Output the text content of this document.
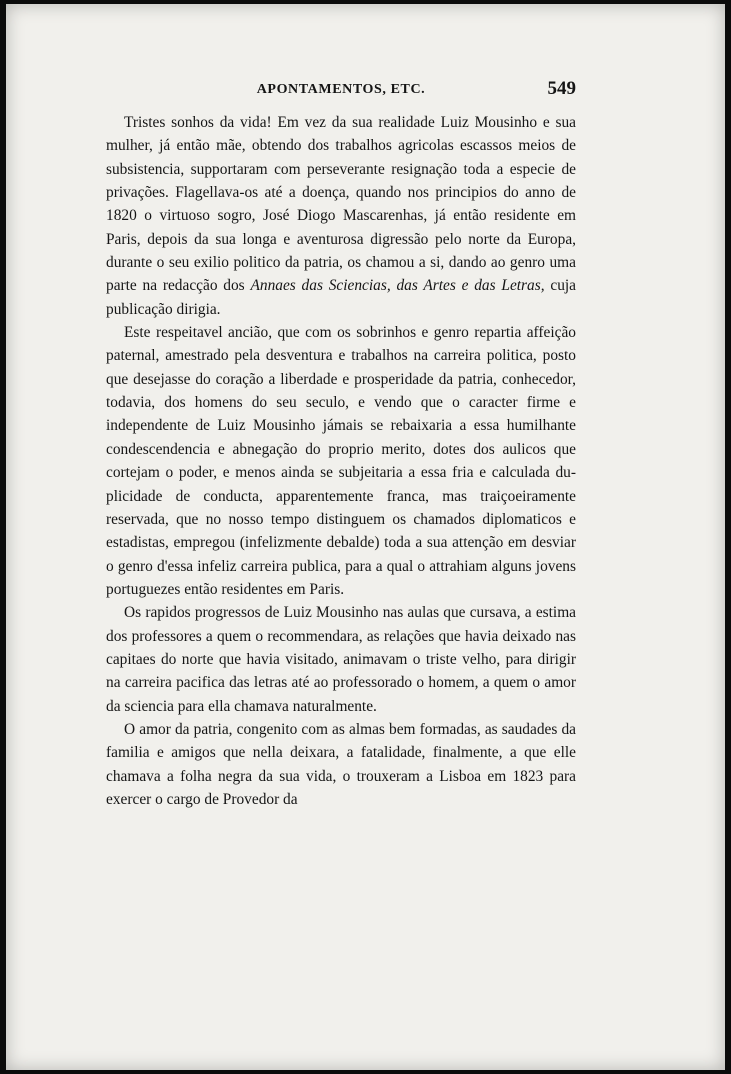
APONTAMENTOS, ETC.	549

Tristes sonhos da vida! Em vez da sua realidade Luiz Mousinho e sua mulher, já então mãe, obtendo dos trabalhos agricolas escassos meios de subsistencia, supportaram com perseverante resignação toda a especie de privações. Flagellava-os até a doença, quando nos principios do anno de 1820 o virtuoso sogro, José Diogo Mascarenhas, já então residente em Paris, depois da sua longa e aventurosa digressão pelo norte da Europa, durante o seu exilio politico da patria, os chamou a si, dando ao genro uma parte na redacção dos Annaes das Sciencias, das Artes e das Letras, cuja publicação dirigia.

Este respeitavel ancião, que com os sobrinhos e genro repartia affeição paternal, amestrado pela desventura e trabalhos na carreira politica, posto que desejasse do coração a liberdade e prosperidade da patria, conhecedor, todavia, dos homens do seu seculo, e vendo que o caracter firme e independente de Luiz Mousinho jámais se rebaixaria a essa humilhante condescendencia e abnegação do proprio merito, dotes dos aulicos que cortejam o poder, e menos ainda se subjeitaria a essa fria e calculada duplicidade de conducta, apparentemente franca, mas traiçoeiramente reservada, que no nosso tempo distinguem os chamados diplomaticos e estadistas, empregou (infelizmente debalde) toda a sua attenção em desviar o genro d'essa infeliz carreira publica, para a qual o attrahiam alguns jovens portuguezes então residentes em Paris.

Os rapidos progressos de Luiz Mousinho nas aulas que cursava, a estima dos professores a quem o recommendara, as relações que havia deixado nas capitaes do norte que havia visitado, animavam o triste velho, para dirigir na carreira pacifica das letras até ao professorado o homem, a quem o amor da sciencia para ella chamava naturalmente.

O amor da patria, congenito com as almas bem formadas, as saudades da familia e amigos que nella deixara, a fatalidade, finalmente, a que elle chamava a folha negra da sua vida, o trouxeram a Lisboa em 1823 para exercer o cargo de Provedor da
